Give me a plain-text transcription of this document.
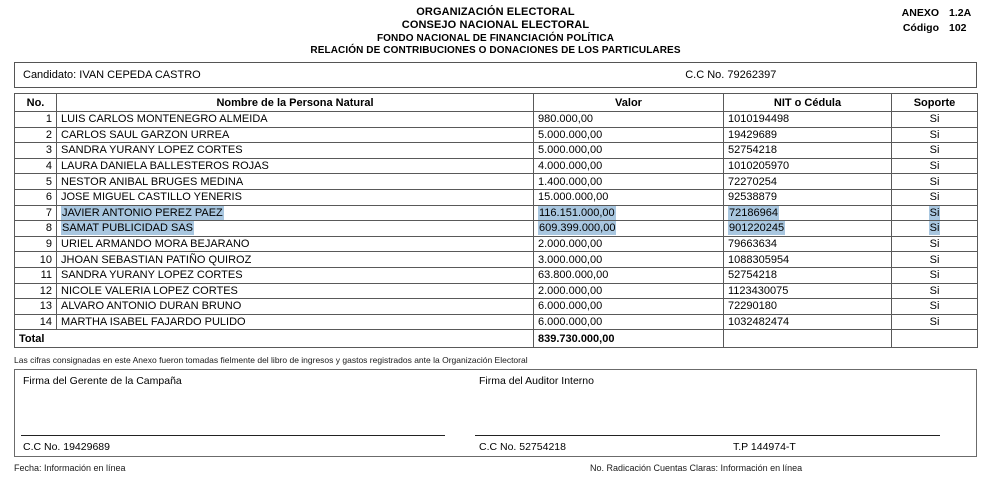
ORGANIZACIÓN ELECTORAL
CONSEJO NACIONAL ELECTORAL
FONDO NACIONAL DE FINANCIACIÓN POLÍTICA
RELACIÓN DE CONTRIBUCIONES O DONACIONES DE LOS PARTICULARES
ANEXO 1.2A
Código 102
Candidato: IVAN CEPEDA CASTRO	C.C No. 79262397
No.	Nombre de la Persona Natural	Valor	NIT o Cédula	Soporte
1	LUIS CARLOS MONTENEGRO ALMEIDA	980.000,00	1010194498	Si
2	CARLOS SAUL GARZON URREA	5.000.000,00	19429689	Si
3	SANDRA YURANY LOPEZ CORTES	5.000.000,00	52754218	Si
4	LAURA DANIELA BALLESTEROS ROJAS	4.000.000,00	1010205970	Si
5	NESTOR ANIBAL BRUGES MEDINA	1.400.000,00	72270254	Si
6	JOSE MIGUEL CASTILLO YENERIS	15.000.000,00	92538879	Si
7	JAVIER ANTONIO PEREZ PAEZ	116.151.000,00	72186964	Si
8	SAMAT PUBLICIDAD SAS	609.399.000,00	901220245	Si
9	URIEL ARMANDO MORA BEJARANO	2.000.000,00	79663634	Si
10	JHOAN SEBASTIAN PATIÑO QUIROZ	3.000.000,00	1088305954	Si
11	SANDRA YURANY LOPEZ CORTES	63.800.000,00	52754218	Si
12	NICOLE VALERIA LOPEZ CORTES	2.000.000,00	1123430075	Si
13	ALVARO ANTONIO DURAN BRUNO	6.000.000,00	72290180	Si
14	MARTHA ISABEL FAJARDO PULIDO	6.000.000,00	1032482474	Si
Total		839.730.000,00		
Las cifras consignadas en este Anexo fueron tomadas fielmente del libro de ingresos y gastos registrados ante la Organización Electoral
Firma del Gerente de la Campaña	Firma del Auditor Interno
C.C No. 19429689	C.C No. 52754218	T.P 144974-T
Fecha: Información en línea	No. Radicación Cuentas Claras: Información en línea
